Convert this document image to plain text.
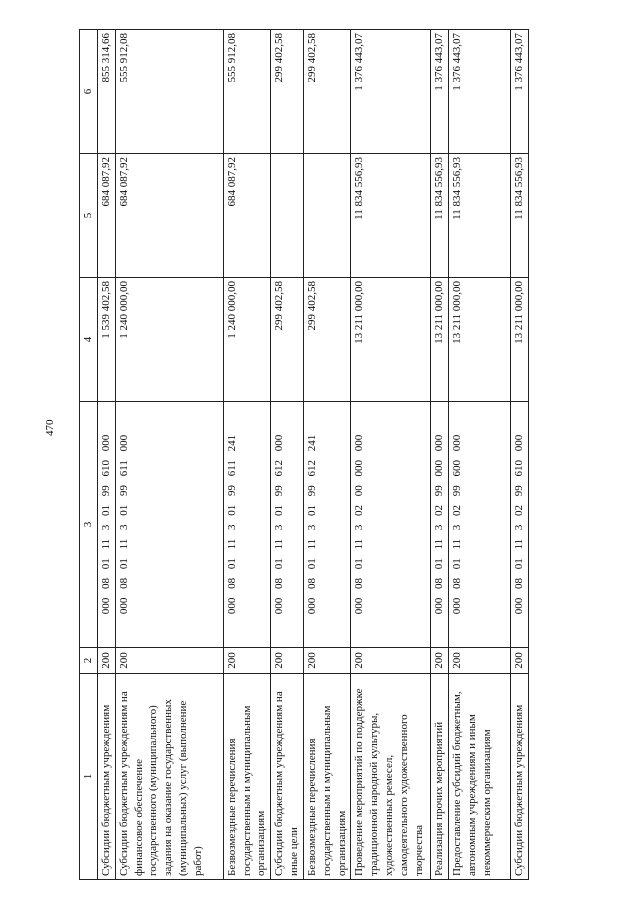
470
1	2	3	4	5	6
Субсидии бюджетным учреждениям	200	000 08 01 11 3 01 99 610 000	1 539 402,58	684 087,92	855 314,66
Субсидии бюджетным учреждениям на финансовое обеспечение государственного (муниципального) задания на оказание государственных (муниципальных) услуг (выполнение работ)	200	000 08 01 11 3 01 99 611 000	1 240 000,00	684 087,92	555 912,08
Безвозмездные перечисления государственным и муниципальным организациям	200	000 08 01 11 3 01 99 611 241	1 240 000,00	684 087,92	555 912,08
Субсидии бюджетным учреждениям на иные цели	200	000 08 01 11 3 01 99 612 000	299 402,58		299 402,58
Безвозмездные перечисления государственным и муниципальным организациям	200	000 08 01 11 3 01 99 612 241	299 402,58		299 402,58
Проведение мероприятий по поддержке традиционной народной культуры, художественных ремесел, самодеятельного художественного творчества	200	000 08 01 11 3 02 00 000 000	13 211 000,00	11 834 556,93	1 376 443,07
Реализация прочих мероприятий	200	000 08 01 11 3 02 99 000 000	13 211 000,00	11 834 556,93	1 376 443,07
Предоставление субсидий бюджетным, автономным учреждениям и иным некоммерческим организациям	200	000 08 01 11 3 02 99 600 000	13 211 000,00	11 834 556,93	1 376 443,07
Субсидии бюджетным учреждениям	200	000 08 01 11 3 02 99 610 000	13 211 000,00	11 834 556,93	1 376 443,07
